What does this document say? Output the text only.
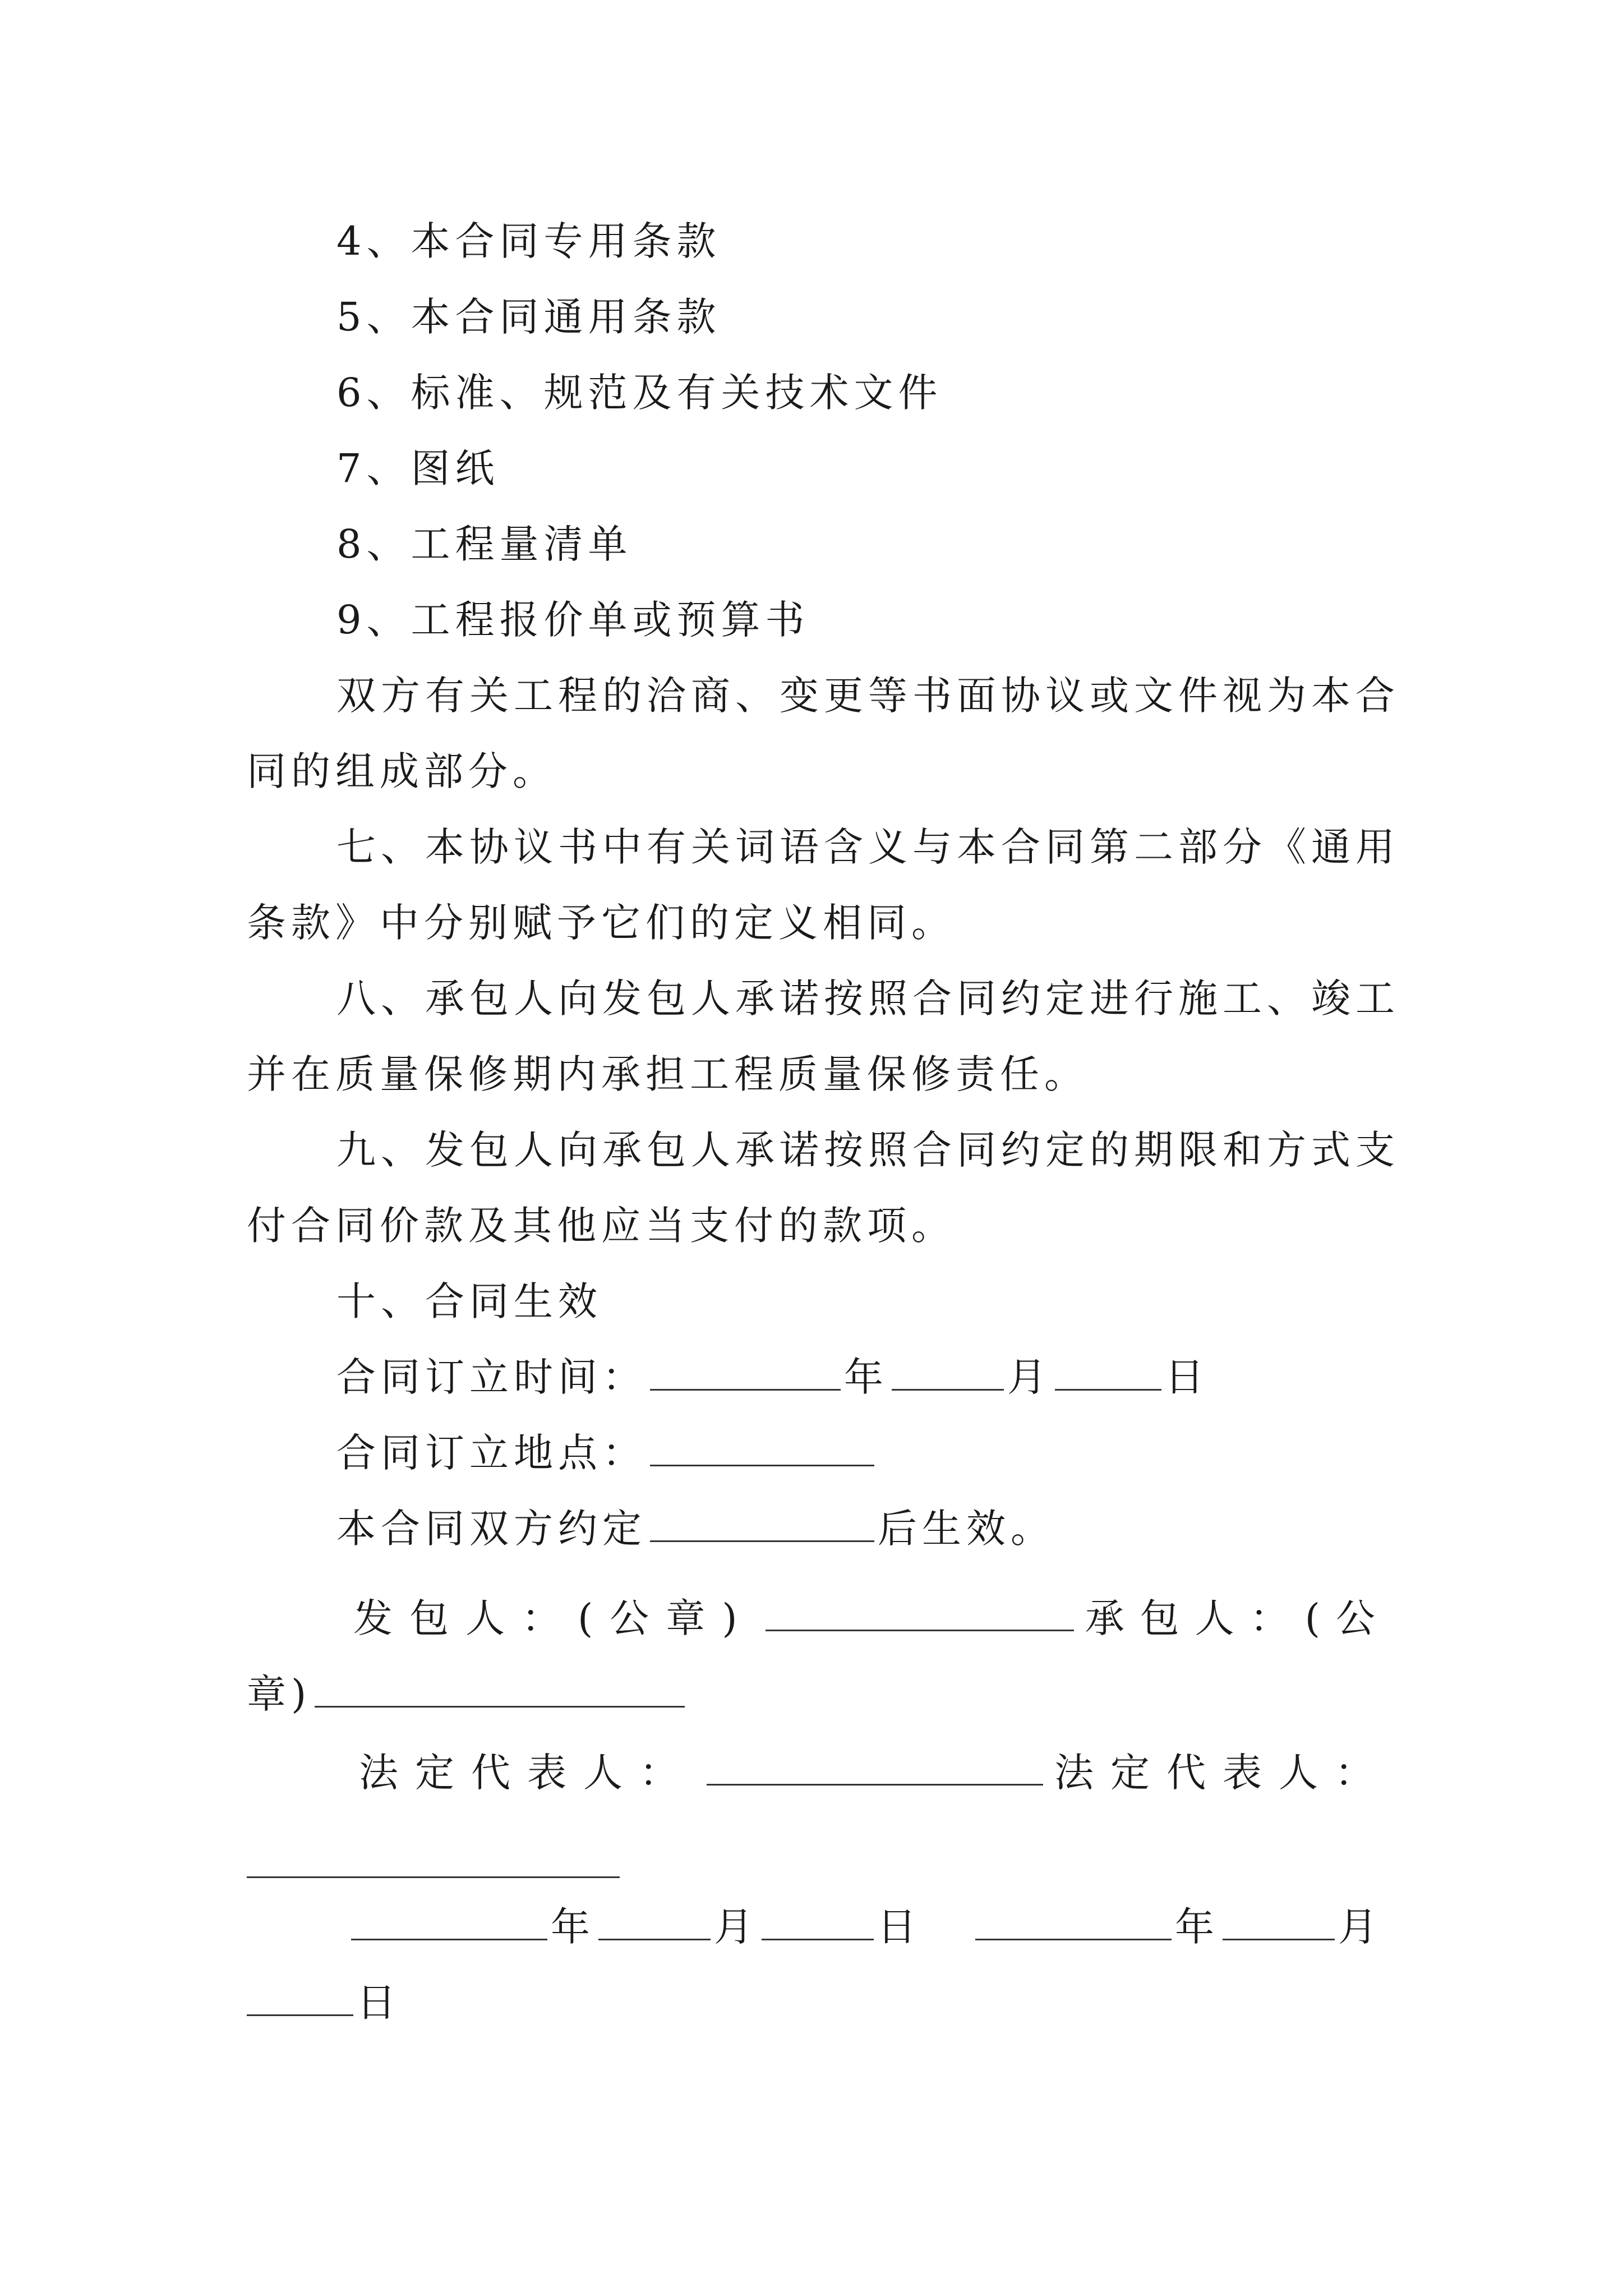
4、本合同专用条款
5、本合同通用条款
6、标准、规范及有关技术文件
7、图纸
8、工程量清单
9、工程报价单或预算书
双方有关工程的洽商、变更等书面协议或文件视为本合
同的组成部分。
七、本协议书中有关词语含义与本合同第二部分《通用
条款》中分别赋予它们的定义相同。
八、承包人向发包人承诺按照合同约定进行施工、竣工
并在质量保修期内承担工程质量保修责任。
九、发包人向承包人承诺按照合同约定的期限和方式支
付合同价款及其他应当支付的款项。
十、合同生效
合同订立时间：	年	月	日
合同订立地点：
本合同双方约定	后生效。
发包人：(公章)	承包人：(公
章)
法定代表人：	法定代表人：
年	月	日	年	月
日
